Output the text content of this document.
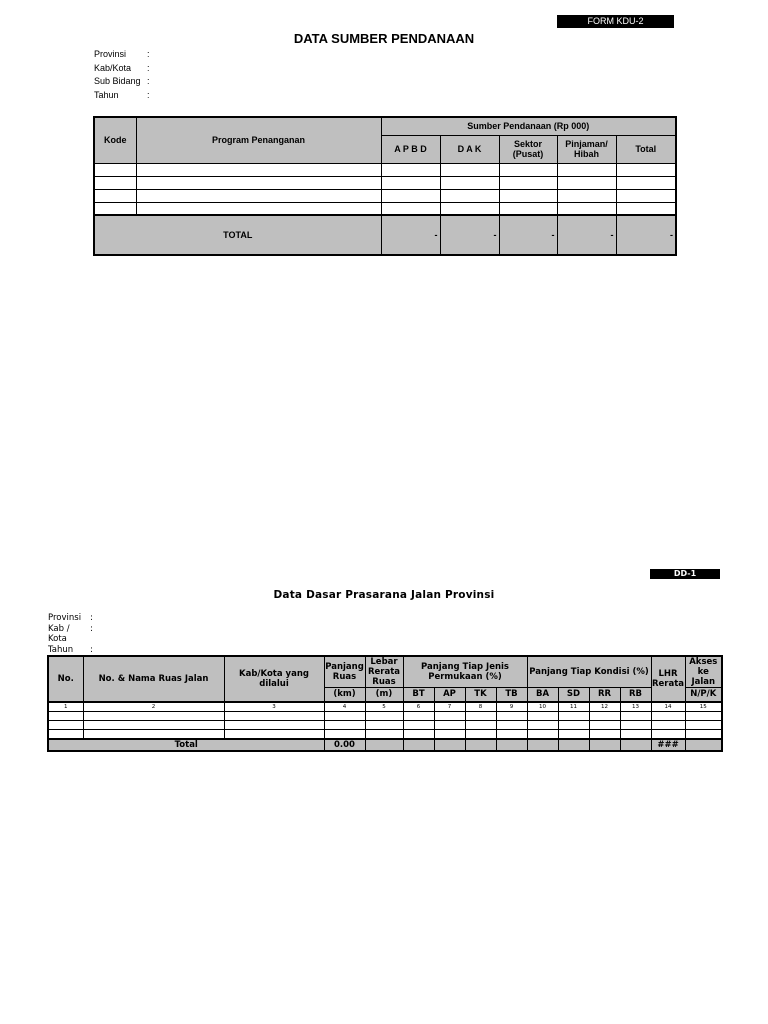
FORM KDU-2
DATA SUMBER PENDANAAN
Provinsi	:
Kab/Kota	:
Sub Bidang :
Tahun	:
Kode	Program Penanganan	Sumber Pendanaan (Rp 000)				
		A P B D	D A K	Sektor (Pusat)	Pinjaman/ Hibah	Total

TOTAL		-	-	-	-	-
DD-1
Data Dasar Prasarana Jalan Provinsi
Provinsi	:
Kab / Kota
:
Tahun	:
No.	No. & Nama Ruas Jalan	Kab/Kota yang dilalui	Panjang Ruas	Lebar Rerata Ruas	Panjang Tiap Jenis Permukaan (%)				Panjang Tiap Kondisi (%)				LHR Rerata	Akses ke Jalan

			(km)	(m)	BT	AP	TK	TB	BA	SD	RR	RB		N/P/K
1	2	3	4	5	6	7	8	9	10	11	12	13	14	15

Total			0.00										###	
